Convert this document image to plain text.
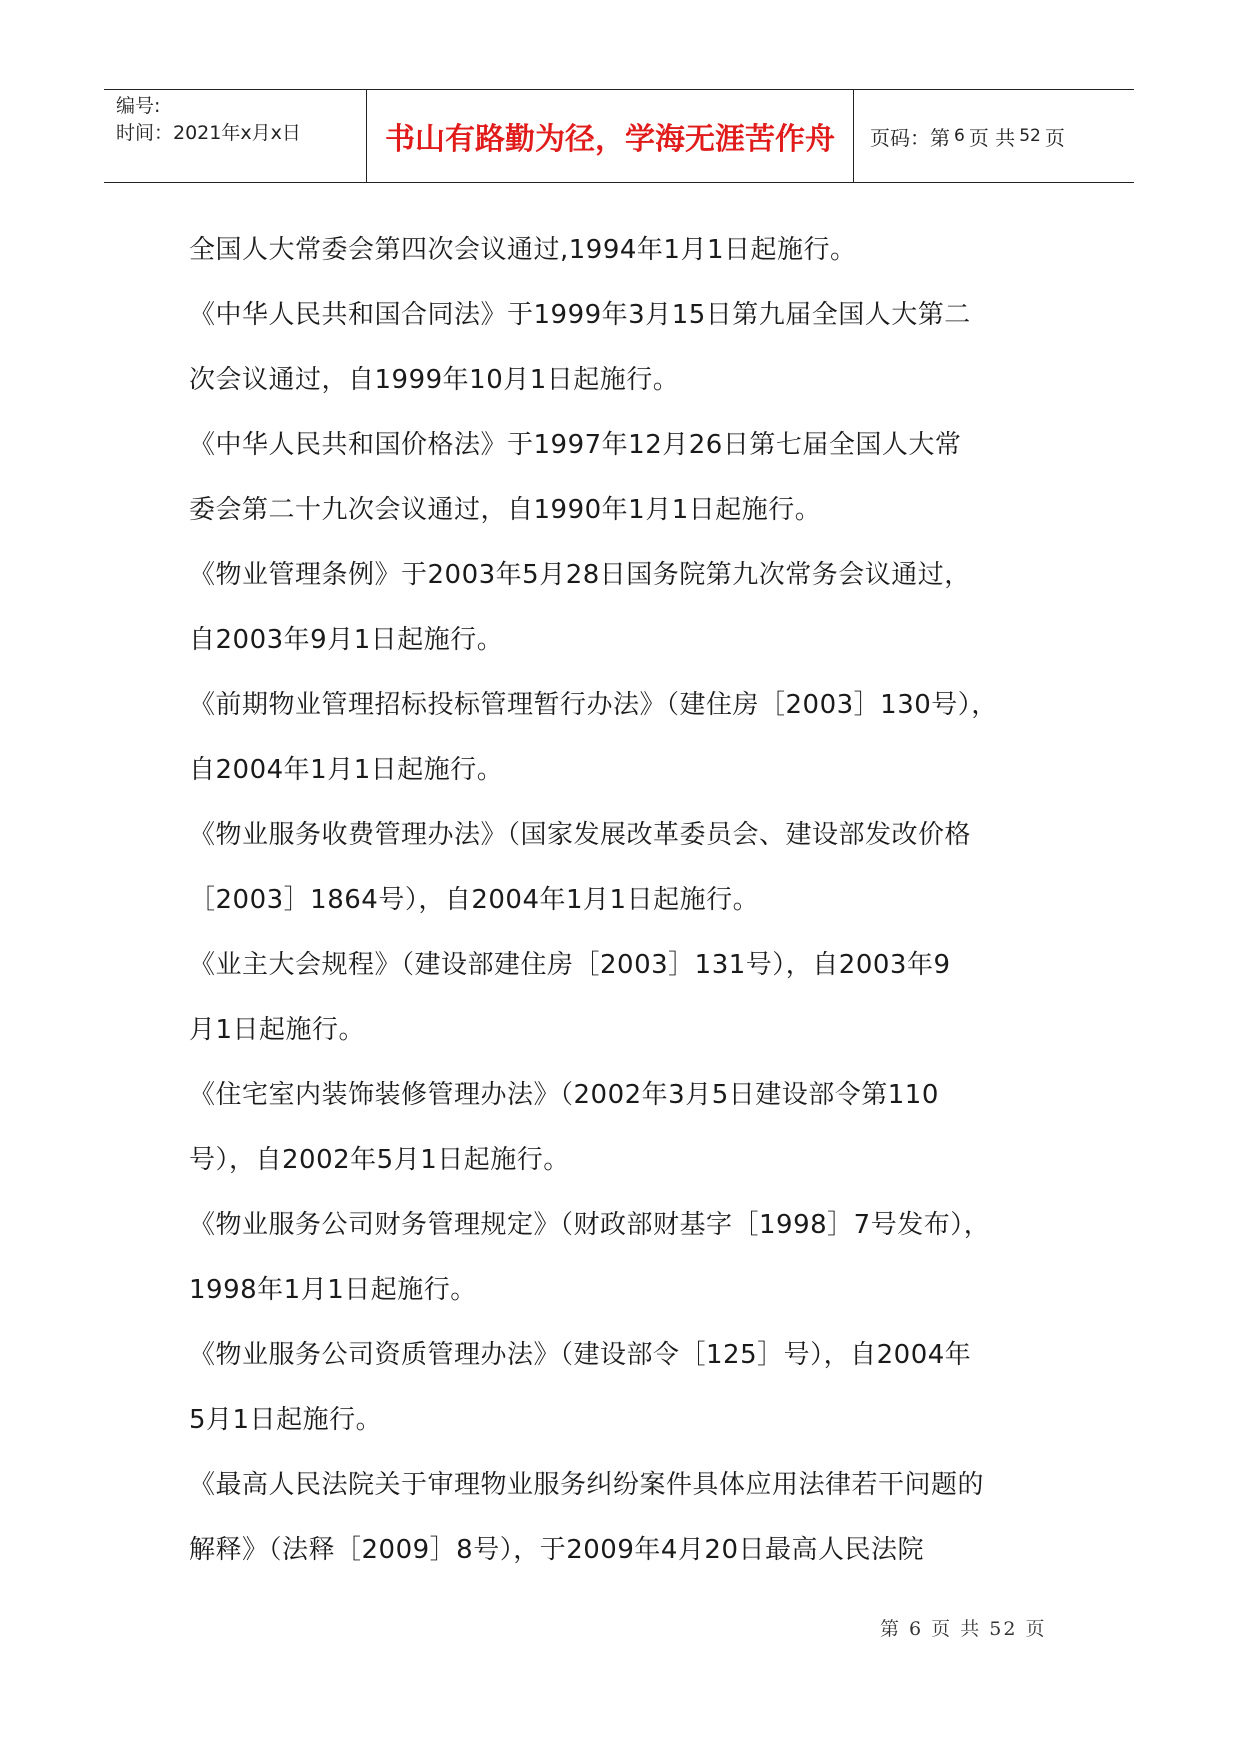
编号:
时间：2021年x月x日	书山有路勤为径，学海无涯苦作舟	页码：第 6 页 共 52 页
全国人大常委会第四次会议通过,1994年1月1日起施行。
《中华人民共和国合同法》于1999年3月15日第九届全国人大第二
次会议通过，自1999年10月1日起施行。
《中华人民共和国价格法》于1997年12月26日第七届全国人大常
委会第二十九次会议通过，自1990年1月1日起施行。
《物业管理条例》于2003年5月28日国务院第九次常务会议通过，
自2003年9月1日起施行。
《前期物业管理招标投标管理暂行办法》（建住房［2003］130号），
自2004年1月1日起施行。
《物业服务收费管理办法》（国家发展改革委员会、建设部发改价格
［2003］1864号），自2004年1月1日起施行。
《业主大会规程》（建设部建住房［2003］131号），自2003年9
月1日起施行。
《住宅室内装饰装修管理办法》（2002年3月5日建设部令第110
号），自2002年5月1日起施行。
《物业服务公司财务管理规定》（财政部财基字［1998］7号发布），
1998年1月1日起施行。
《物业服务公司资质管理办法》（建设部令［125］号），自2004年
5月1日起施行。
《最高人民法院关于审理物业服务纠纷案件具体应用法律若干问题的
解释》（法释［2009］8号），于2009年4月20日最高人民法院
第 6 页 共 52 页
